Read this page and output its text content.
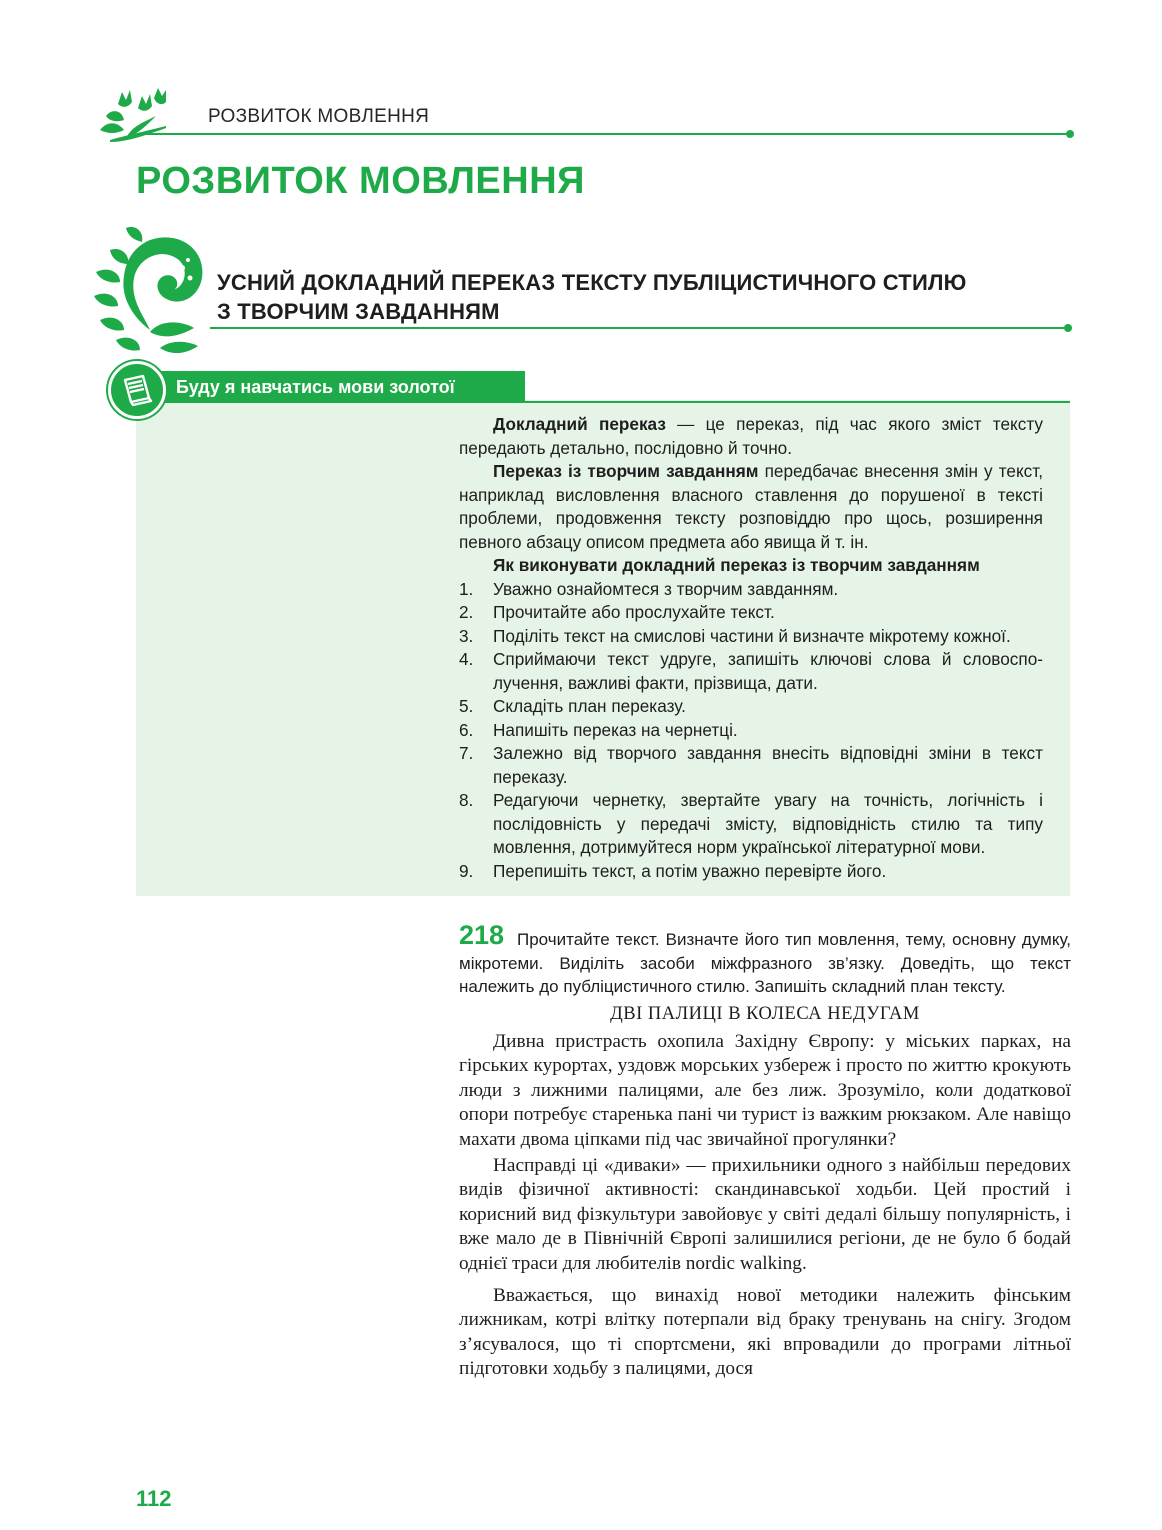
РОЗВИТОК МОВЛЕННЯ
РОЗВИТОК МОВЛЕННЯ
УСНИЙ ДОКЛАДНИЙ ПЕРЕКАЗ ТЕКСТУ ПУБЛІЦИСТИЧНОГО СТИЛЮ
З ТВОРЧИМ ЗАВДАННЯМ
Буду я навчатись мови золотої

Докладний переказ — це переказ, під час якого зміст тексту передають детально, послідовно й точно.

Переказ із творчим завданням передбачає внесення змін у текст, наприклад висловлення власного ставлення до порушеної в тексті проблеми, продовження тексту розповіддю про щось, розширення певного абзацу описом предмета або явища й т. ін.

Як виконувати докладний переказ із творчим завданням
1. Уважно ознайомтеся з творчим завданням.
2. Прочитайте або прослухайте текст.
3. Поділіть текст на смислові частини й визначте мікротему кожної.
4. Сприймаючи текст удруге, запишіть ключові слова й словосполучення, важливі факти, прізвища, дати.
5. Складіть план переказу.
6. Напишіть переказ на чернетці.
7. Залежно від творчого завдання внесіть відповідні зміни в текст переказу.
8. Редагуючи чернетку, звертайте увагу на точність, логічність і послідовність у передачі змісту, відповідність стилю та типу мовлення, дотримуйтеся норм української літературної мови.
9. Перепишіть текст, а потім уважно перевірте його.
218 Прочитайте текст. Визначте його тип мовлення, тему, основну думку, мікротеми. Виділіть засоби міжфразного зв’язку. Доведіть, що текст належить до публіцистичного стилю. Запишіть складний план тексту.
ДВІ ПАЛИЦІ В КОЛЕСА НЕДУГАМ

Дивна пристрасть охопила Західну Європу: у міських парках, на гірських курортах, уздовж морських узбереж і просто по життю крокують люди з лижними палицями, але без лиж. Зрозуміло, коли додаткової опори потребує старенька пані чи турист із важким рюкзаком. Але навіщо махати двома ціпками під час звичайної прогулянки?

Насправді ці «диваки» — прихильники одного з найбільш передових видів фізичної активності: скандинавської ходьби. Цей простий і корисний вид фізкультури завойовує у світі дедалі більшу популярність, і вже мало де в Північній Європі залишилися регіони, де не було б бодай однієї траси для любителів nordic walking.

Вважається, що винахід нової методики належить фінським лижникам, котрі влітку потерпали від браку тренувань на снігу. Згодом з’ясувалося, що ті спортсмени, які впровадили до програми літньої підготовки ходьбу з палицями, дося

112
